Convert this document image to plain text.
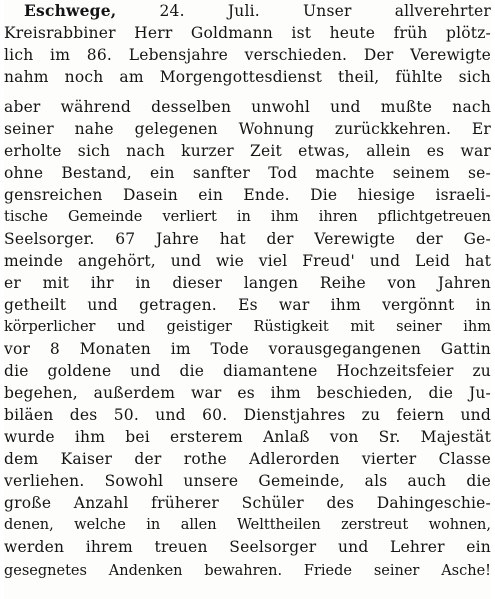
Eschwege, 24. Juli. Unser allverehrter
Kreisrabbiner Herr Goldmann ist heute früh plötz-
lich im 86. Lebensjahre verschieden. Der Verewigte
nahm noch am Morgengottesdienst theil, fühlte sich
aber während desselben unwohl und mußte nach
seiner nahe gelegenen Wohnung zurückkehren. Er
erholte sich nach kurzer Zeit etwas, allein es war
ohne Bestand, ein sanfter Tod machte seinem se-
gensreichen Dasein ein Ende. Die hiesige israeli-
tische Gemeinde verliert in ihm ihren pflichtgetreuen
Seelsorger. 67 Jahre hat der Verewigte der Ge-
meinde angehört, und wie viel Freud' und Leid hat
er mit ihr in dieser langen Reihe von Jahren
getheilt und getragen. Es war ihm vergönnt in
körperlicher und geistiger Rüstigkeit mit seiner ihm
vor 8 Monaten im Tode vorausgegangenen Gattin
die goldene und die diamantene Hochzeitsfeier zu
begehen, außerdem war es ihm beschieden, die Ju-
biläen des 50. und 60. Dienstjahres zu feiern und
wurde ihm bei ersterem Anlaß von Sr. Majestät
dem Kaiser der rothe Adlerorden vierter Classe
verliehen. Sowohl unsere Gemeinde, als auch die
große Anzahl früherer Schüler des Dahingeschie-
denen, welche in allen Welttheilen zerstreut wohnen,
werden ihrem treuen Seelsorger und Lehrer ein
gesegnetes Andenken bewahren. Friede seiner Asche!
